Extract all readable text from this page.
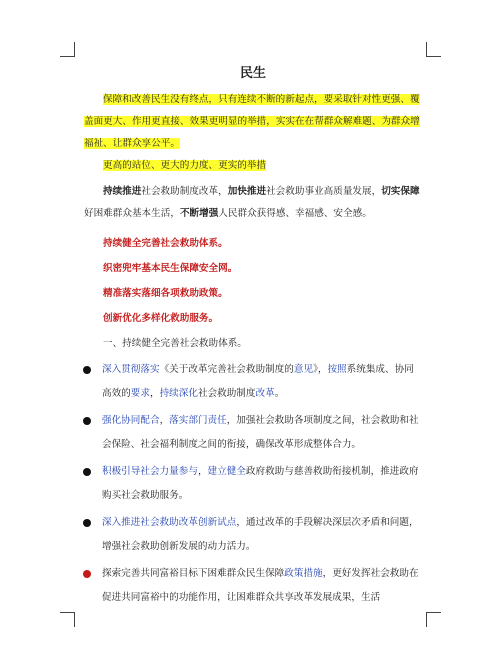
民生

保障和改善民生没有终点，只有连续不断的新起点，要采取针对性更强、覆盖面更大、作用更直接、效果更明显的举措，实实在在帮群众解难题、为群众增福祉、让群众享公平。

更高的站位、更大的力度、更实的举措

持续推进社会救助制度改革，加快推进社会救助事业高质量发展，切实保障好困难群众基本生活，不断增强人民群众获得感、幸福感、安全感。

持续健全完善社会救助体系。
织密兜牢基本民生保障安全网。
精准落实落细各项救助政策。
创新优化多样化救助服务。

一、持续健全完善社会救助体系。

深入贯彻落实《关于改革完善社会救助制度的意见》，按照系统集成、协同高效的要求，持续深化社会救助制度改革。
强化协同配合，落实部门责任，加强社会救助各项制度之间，社会救助和社会保险、社会福利制度之间的衔接，确保改革形成整体合力。
积极引导社会力量参与，建立健全政府救助与慈善救助衔接机制，推进政府购买社会救助服务。
深入推进社会救助改革创新试点，通过改革的手段解决深层次矛盾和问题，增强社会救助创新发展的动力活力。
探索完善共同富裕目标下困难群众民生保障政策措施，更好发挥社会救助在促进共同富裕中的功能作用，让困难群众共享改革发展成果，生活
